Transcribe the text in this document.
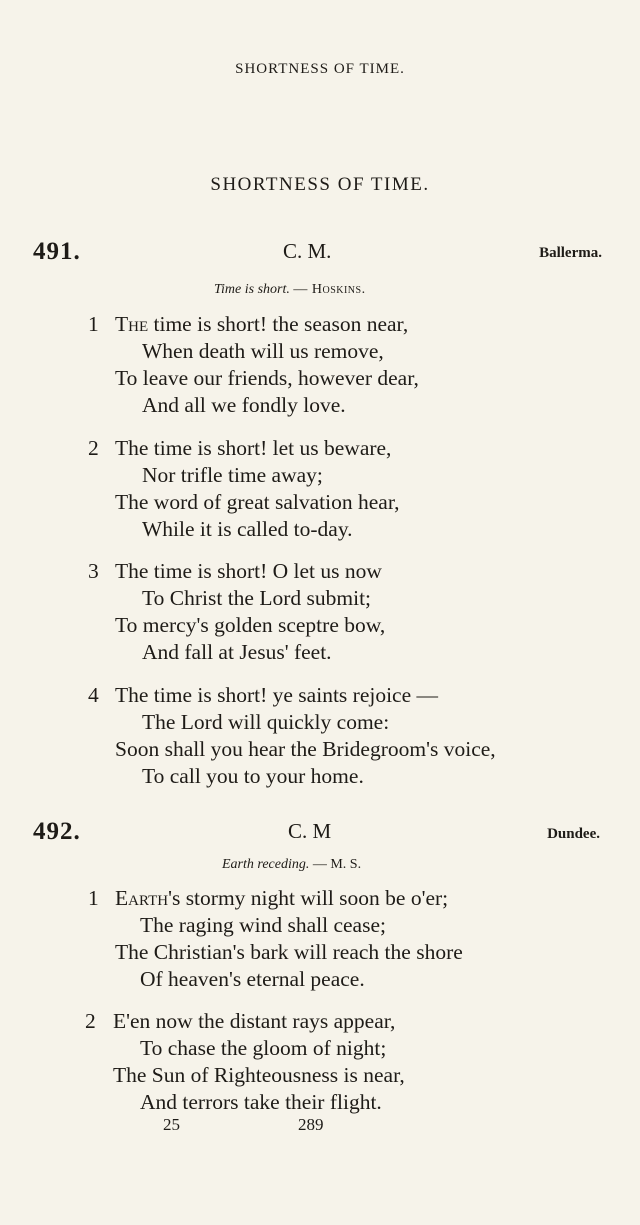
SHORTNESS OF TIME.
SHORTNESS OF TIME.
491.	C. M.	Ballerma.
Time is short. — Hoskins.
1 The time is short! the season near,
When death will us remove,
To leave our friends, however dear,
And all we fondly love.
2 The time is short! let us beware,
Nor trifle time away;
The word of great salvation hear,
While it is called to-day.
3 The time is short! O let us now
To Christ the Lord submit;
To mercy's golden sceptre bow,
And fall at Jesus' feet.
4 The time is short! ye saints rejoice —
The Lord will quickly come:
Soon shall you hear the Bridegroom's voice,
To call you to your home.
492.	C. M	Dundee.
Earth receding. — M. S.
1 Earth's stormy night will soon be o'er;
The raging wind shall cease;
The Christian's bark will reach the shore
Of heaven's eternal peace.
2 E'en now the distant rays appear,
To chase the gloom of night;
The Sun of Righteousness is near,
And terrors take their flight.
25	289
